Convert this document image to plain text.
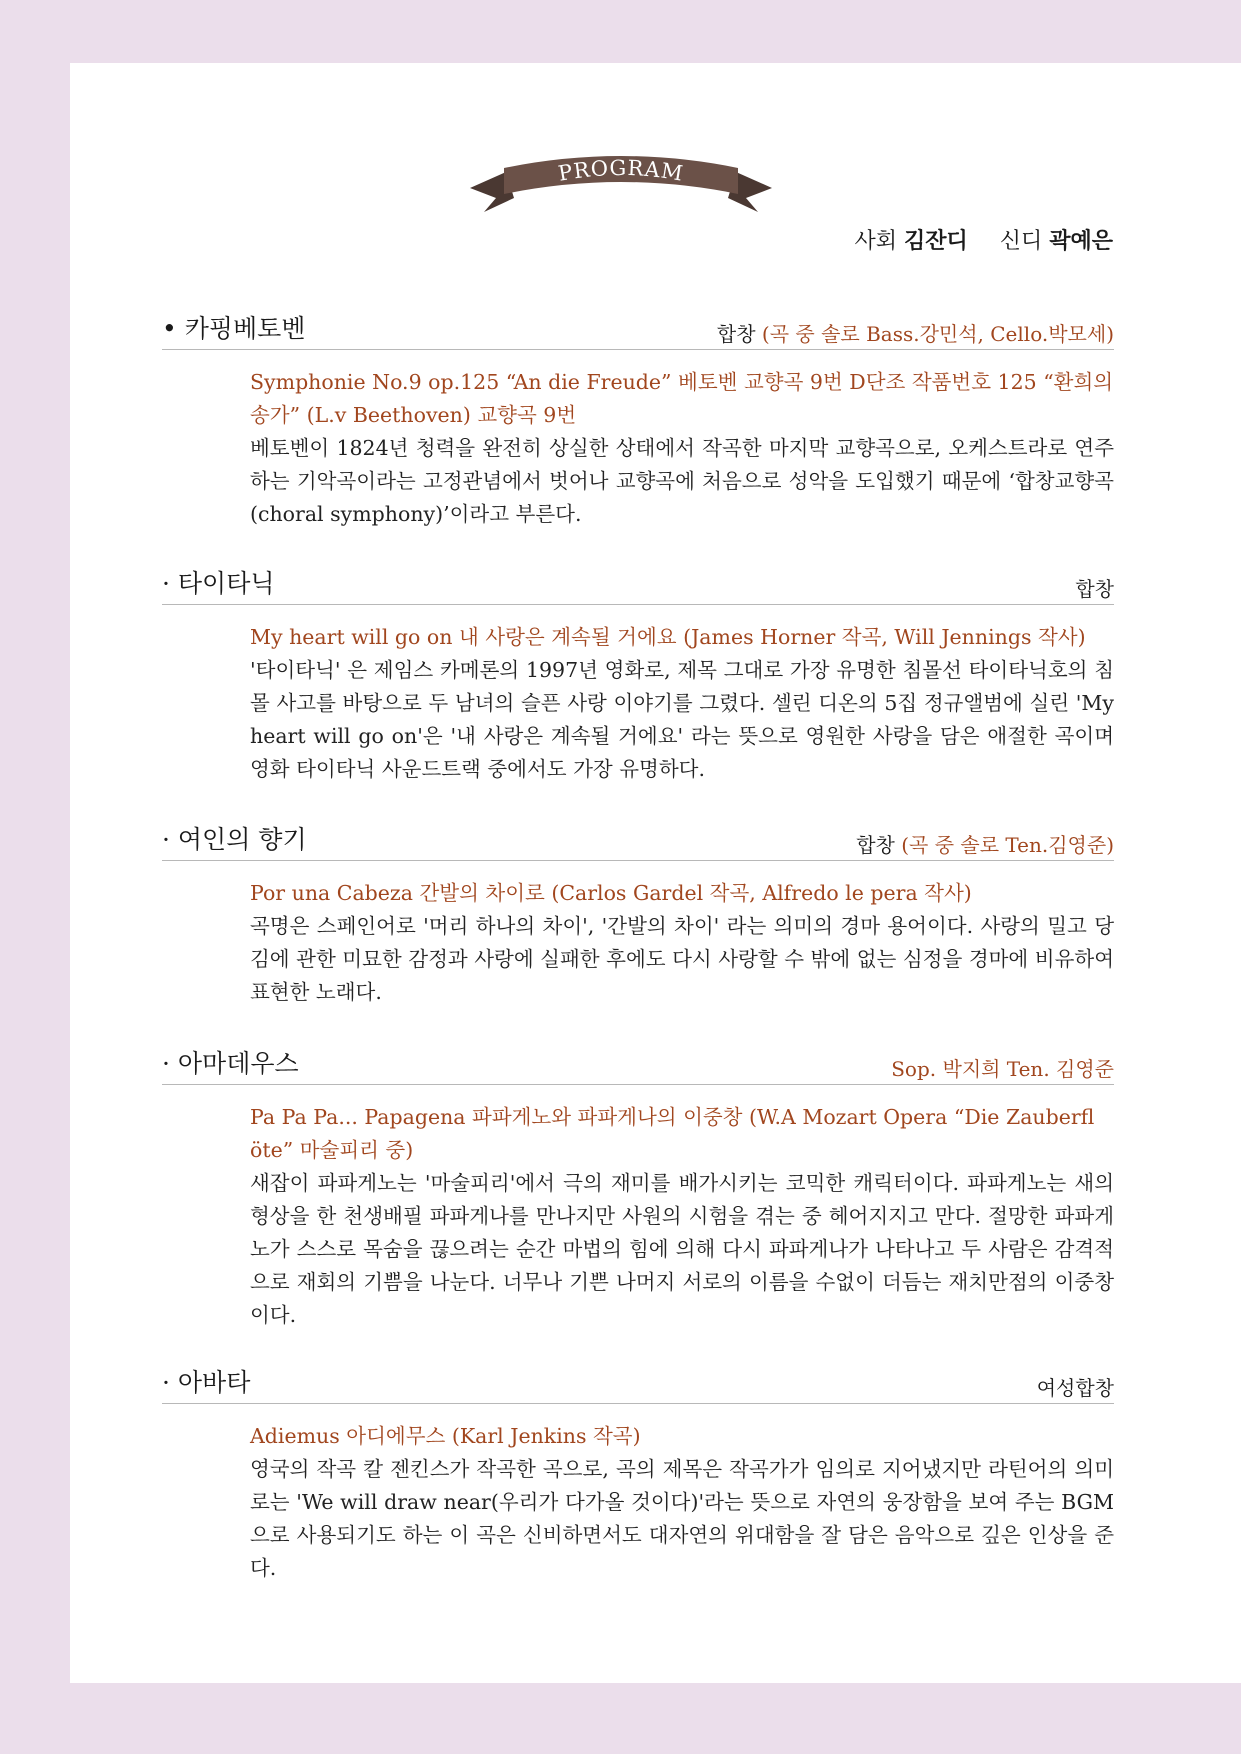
PROGRAM
사회 김잔디 신디 곽예은
• 카핑베토벤	합창 (곡 중 솔로 Bass.강민석, Cello.박모세)

Symphonie No.9 op.125 “An die Freude” 베토벤 교향곡 9번 D단조 작품번호 125 “환희의 송가” (L.v Beethoven) 교향곡 9번

베토벤이 1824년 청력을 완전히 상실한 상태에서 작곡한 마지막 교향곡으로, 오케스트라로 연주하는 기악곡이라는 고정관념에서 벗어나 교향곡에 처음으로 성악을 도입했기 때문에 ‘합창교향곡 (choral symphony)’이라고 부른다.

· 타이타닉	합창

My heart will go on 내 사랑은 계속될 거에요 (James Horner 작곡, Will Jennings 작사)

'타이타닉' 은 제임스 카메론의 1997년 영화로, 제목 그대로 가장 유명한 침몰선 타이타닉호의 침몰 사고를 바탕으로 두 남녀의 슬픈 사랑 이야기를 그렸다. 셀린 디온의 5집 정규앨범에 실린 'My heart will go on'은 '내 사랑은 계속될 거에요' 라는 뜻으로 영원한 사랑을 담은 애절한 곡이며 영화 타이타닉 사운드트랙 중에서도 가장 유명하다.

· 여인의 향기	합창 (곡 중 솔로 Ten.김영준)

Por una Cabeza 간발의 차이로 (Carlos Gardel 작곡, Alfredo le pera 작사)

곡명은 스페인어로 '머리 하나의 차이', '간발의 차이' 라는 의미의 경마 용어이다. 사랑의 밀고 당김에 관한 미묘한 감정과 사랑에 실패한 후에도 다시 사랑할 수 밖에 없는 심정을 경마에 비유하여 표현한 노래다.

· 아마데우스	Sop. 박지희 Ten. 김영준

Pa Pa Pa... Papagena 파파게노와 파파게나의 이중창 (W.A Mozart Opera “Die Zauberfl öte” 마술피리 중)

새잡이 파파게노는 '마술피리'에서 극의 재미를 배가시키는 코믹한 캐릭터이다. 파파게노는 새의 형상을 한 천생배필 파파게나를 만나지만 사원의 시험을 겪는 중 헤어지지고 만다. 절망한 파파게노가 스스로 목숨을 끊으려는 순간 마법의 힘에 의해 다시 파파게나가 나타나고 두 사람은 감격적으로 재회의 기쁨을 나눈다. 너무나 기쁜 나머지 서로의 이름을 수없이 더듬는 재치만점의 이중창이다.

· 아바타	여성합창

Adiemus 아디에무스 (Karl Jenkins 작곡)

영국의 작곡 칼 젠킨스가 작곡한 곡으로, 곡의 제목은 작곡가가 임의로 지어냈지만 라틴어의 의미로는 'We will draw near(우리가 다가올 것이다)'라는 뜻으로 자연의 웅장함을 보여 주는 BGM으로 사용되기도 하는 이 곡은 신비하면서도 대자연의 위대함을 잘 담은 음악으로 깊은 인상을 준다.
